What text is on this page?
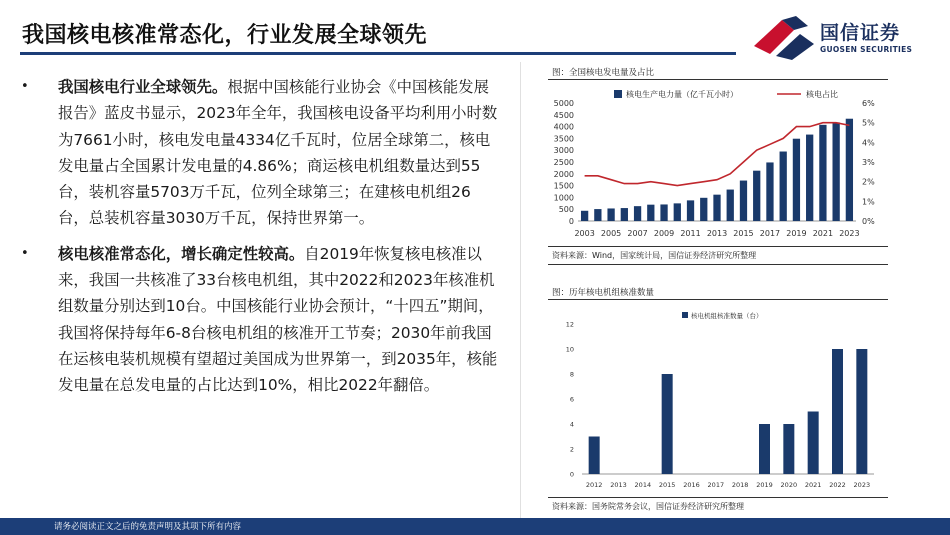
我国核电核准常态化，行业发展全球领先	国信证券
GUOSEN SECURITIES
• 我国核电行业全球领先。根据中国核能行业协会《中国核能发展报告》蓝皮书显示，2023年全年，我国核电设备平均利用小时数为7661小时，核电发电量4334亿千瓦时，位居全球第二，核电发电量占全国累计发电量的4.86%；商运核电机组数量达到55台，装机容量5703万千瓦，位列全球第三；在建核电机组26台，总装机容量3030万千瓦，保持世界第一。
• 核电核准常态化，增长确定性较高。自2019年恢复核电核准以来，我国一共核准了33台核电机组，其中2022和2023年核准机组数量分别达到10台。中国核能行业协会预计，“十四五”期间，我国将保持每年6-8台核电机组的核准开工节奏；2030年前我国在运核电装机规模有望超过美国成为世界第一，到2035年，核能发电量在总发电量的占比达到10%，相比2022年翻倍。
图：全国核电发电量及占比
0
500
1000
1500
2000
2500
3000
3500
4000
4500
5000
0%
1%
2%
3%
4%
5%
6%
2003 2005 2007 2009 2011 2013 2015 2017 2019 2021 2023
核电生产电力量（亿千瓦小时）	核电占比
资料来源：Wind，国家统计局，国信证券经济研究所整理
图：历年核电机组核准数量
0
2
4
6
8
10
12
2012 2013 2014 2015 2016 2017 2018 2019 2020 2021 2022 2023
核电机组核准数量（台）
资料来源：国务院常务会议，国信证券经济研究所整理
请务必阅读正文之后的免责声明及其项下所有内容
